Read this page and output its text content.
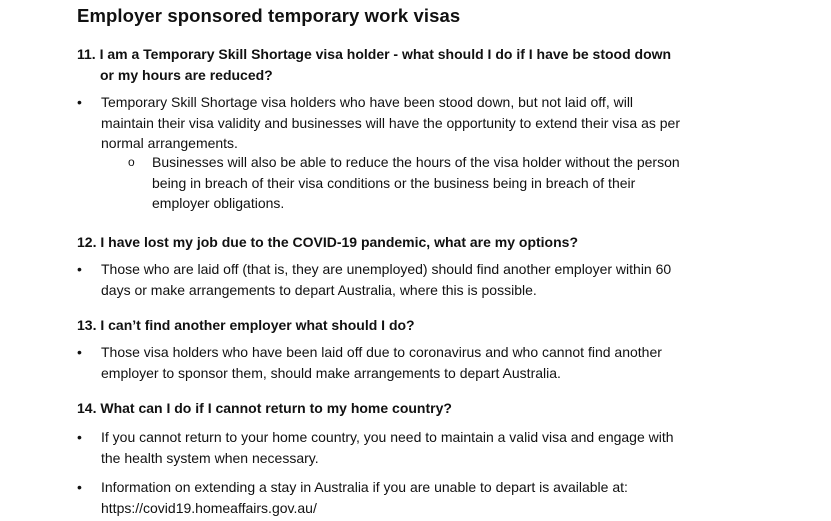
Employer sponsored temporary work visas
11. I am a Temporary Skill Shortage visa holder - what should I do if I have be stood down
or my hours are reduced?
• Temporary Skill Shortage visa holders who have been stood down, but not laid off, will
maintain their visa validity and businesses will have the opportunity to extend their visa as per
normal arrangements.
o Businesses will also be able to reduce the hours of the visa holder without the person
being in breach of their visa conditions or the business being in breach of their
employer obligations.
12. I have lost my job due to the COVID-19 pandemic, what are my options?
• Those who are laid off (that is, they are unemployed) should find another employer within 60
days or make arrangements to depart Australia, where this is possible.
13. I can’t find another employer what should I do?
• Those visa holders who have been laid off due to coronavirus and who cannot find another
employer to sponsor them, should make arrangements to depart Australia.
14. What can I do if I cannot return to my home country?
• If you cannot return to your home country, you need to maintain a valid visa and engage with
the health system when necessary.
• Information on extending a stay in Australia if you are unable to depart is available at:
https://covid19.homeaffairs.gov.au/
